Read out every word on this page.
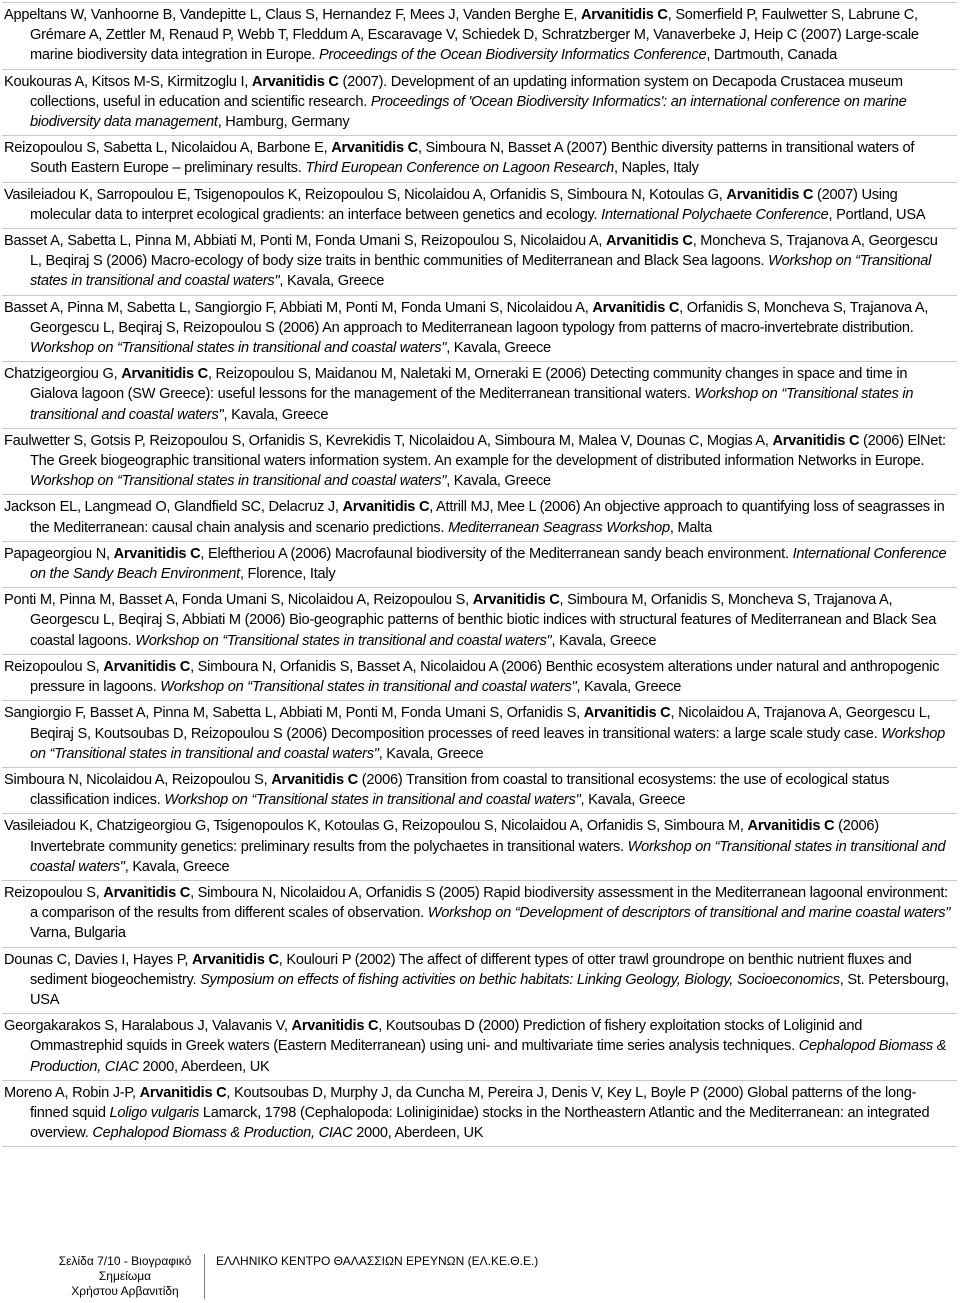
Appeltans W, Vanhoorne B, Vandepitte L, Claus S, Hernandez F, Mees J, Vanden Berghe E, Arvanitidis C, Somerfield P, Faulwetter S, Labrune C, Grémare A, Zettler M, Renaud P, Webb T, Fleddum A, Escaravage V, Schiedek D, Schratzberger M, Vanaverbeke J, Heip C (2007) Large-scale marine biodiversity data integration in Europe. Proceedings of the Ocean Biodiversity Informatics Conference, Dartmouth, Canada
Koukouras A, Kitsos M-S, Kirmitzoglu I, Arvanitidis C (2007). Development of an updating information system on Decapoda Crustacea museum collections, useful in education and scientific research. Proceedings of 'Ocean Biodiversity Informatics': an international conference on marine biodiversity data management, Hamburg, Germany
Reizopoulou S, Sabetta L, Nicolaidou A, Barbone E, Arvanitidis C, Simboura N, Basset A (2007) Benthic diversity patterns in transitional waters of South Eastern Europe – preliminary results. Third European Conference on Lagoon Research, Naples, Italy
Vasileiadou K, Sarropoulou E, Tsigenopoulos K, Reizopoulou S, Nicolaidou A, Orfanidis S, Simboura N, Kotoulas G, Arvanitidis C (2007) Using molecular data to interpret ecological gradients: an interface between genetics and ecology. International Polychaete Conference, Portland, USA
Basset A, Sabetta L, Pinna M, Abbiati M, Ponti M, Fonda Umani S, Reizopoulou S, Nicolaidou A, Arvanitidis C, Moncheva S, Trajanova A, Georgescu L, Beqiraj S (2006) Macro-ecology of body size traits in benthic communities of Mediterranean and Black Sea lagoons. Workshop on “Transitional states in transitional and coastal waters", Kavala, Greece
Basset A, Pinna M, Sabetta L, Sangiorgio F, Abbiati M, Ponti M, Fonda Umani S, Nicolaidou A, Arvanitidis C, Orfanidis S, Moncheva S, Trajanova A, Georgescu L, Beqiraj S, Reizopoulou S (2006) An approach to Mediterranean lagoon typology from patterns of macro-invertebrate distribution. Workshop on “Transitional states in transitional and coastal waters", Kavala, Greece
Chatzigeorgiou G, Arvanitidis C, Reizopoulou S, Maidanou M, Naletaki M, Orneraki E (2006) Detecting community changes in space and time in Gialova lagoon (SW Greece): useful lessons for the management of the Mediterranean transitional waters. Workshop on “Transitional states in transitional and coastal waters", Kavala, Greece
Faulwetter S, Gotsis P, Reizopoulou S, Orfanidis S, Kevrekidis T, Nicolaidou A, Simboura M, Malea V, Dounas C, Mogias A, Arvanitidis C (2006) ElNet: The Greek biogeographic transitional waters information system. An example for the development of distributed information Networks in Europe. Workshop on “Transitional states in transitional and coastal waters", Kavala, Greece
Jackson EL, Langmead O, Glandfield SC, Delacruz J, Arvanitidis C, Attrill MJ, Mee L (2006) An objective approach to quantifying loss of seagrasses in the Mediterranean: causal chain analysis and scenario predictions. Mediterranean Seagrass Workshop, Malta
Papageorgiou N, Arvanitidis C, Eleftheriou A (2006) Macrofaunal biodiversity of the Mediterranean sandy beach environment. International Conference on the Sandy Beach Environment, Florence, Italy
Ponti M, Pinna M, Basset A, Fonda Umani S, Nicolaidou A, Reizopoulou S, Arvanitidis C, Simboura M, Orfanidis S, Moncheva S, Trajanova A, Georgescu L, Beqiraj S, Abbiati M (2006) Bio-geographic patterns of benthic biotic indices with structural features of Mediterranean and Black Sea coastal lagoons. Workshop on “Transitional states in transitional and coastal waters", Kavala, Greece
Reizopoulou S, Arvanitidis C, Simboura N, Orfanidis S, Basset A, Nicolaidou A (2006) Benthic ecosystem alterations under natural and anthropogenic pressure in lagoons. Workshop on “Transitional states in transitional and coastal waters", Kavala, Greece
Sangiorgio F, Basset A, Pinna M, Sabetta L, Abbiati M, Ponti M, Fonda Umani S, Orfanidis S, Arvanitidis C, Nicolaidou A, Trajanova A, Georgescu L, Beqiraj S, Koutsoubas D, Reizopoulou S (2006) Decomposition processes of reed leaves in transitional waters: a large scale study case. Workshop on “Transitional states in transitional and coastal waters", Kavala, Greece
Simboura N, Nicolaidou A, Reizopoulou S, Arvanitidis C (2006) Transition from coastal to transitional ecosystems: the use of ecological status classification indices. Workshop on “Transitional states in transitional and coastal waters", Kavala, Greece
Vasileiadou K, Chatzigeorgiou G, Tsigenopoulos K, Kotoulas G, Reizopoulou S, Nicolaidou A, Orfanidis S, Simboura M, Arvanitidis C (2006) Invertebrate community genetics: preliminary results from the polychaetes in transitional waters. Workshop on “Transitional states in transitional and coastal waters", Kavala, Greece
Reizopoulou S, Arvanitidis C, Simboura N, Nicolaidou A, Orfanidis S (2005) Rapid biodiversity assessment in the Mediterranean lagoonal environment: a comparison of the results from different scales of observation. Workshop on “Development of descriptors of transitional and marine coastal waters" Varna, Bulgaria
Dounas C, Davies I, Hayes P, Arvanitidis C, Koulouri P (2002) The affect of different types of otter trawl groundrope on benthic nutrient fluxes and sediment biogeochemistry. Symposium on effects of fishing activities on bethic habitats: Linking Geology, Biology, Socioeconomics, St. Petersbourg, USA
Georgakarakos S, Haralabous J, Valavanis V, Arvanitidis C, Koutsoubas D (2000) Prediction of fishery exploitation stocks of Loliginid and Ommastrephid squids in Greek waters (Eastern Mediterranean) using uni- and multivariate time series analysis techniques. Cephalopod Biomass & Production, CIAC 2000, Aberdeen, UK
Moreno A, Robin J-P, Arvanitidis C, Koutsoubas D, Murphy J, da Cuncha M, Pereira J, Denis V, Key L, Boyle P (2000) Global patterns of the long-finned squid Loligo vulgaris Lamarck, 1798 (Cephalopoda: Loliniginidae) stocks in the Northeastern Atlantic and the Mediterranean: an integrated overview. Cephalopod Biomass & Production, CIAC 2000, Aberdeen, UK
Σελίδα 7/10 - Βιογραφικό
Σημείωμα
Χρήστου Αρβανιτίδη
ΕΛΛΗΝΙΚΟ ΚΕΝΤΡΟ ΘΑΛΑΣΣΙΩΝ ΕΡΕΥΝΩΝ (ΕΛ.ΚΕ.Θ.Ε.)
